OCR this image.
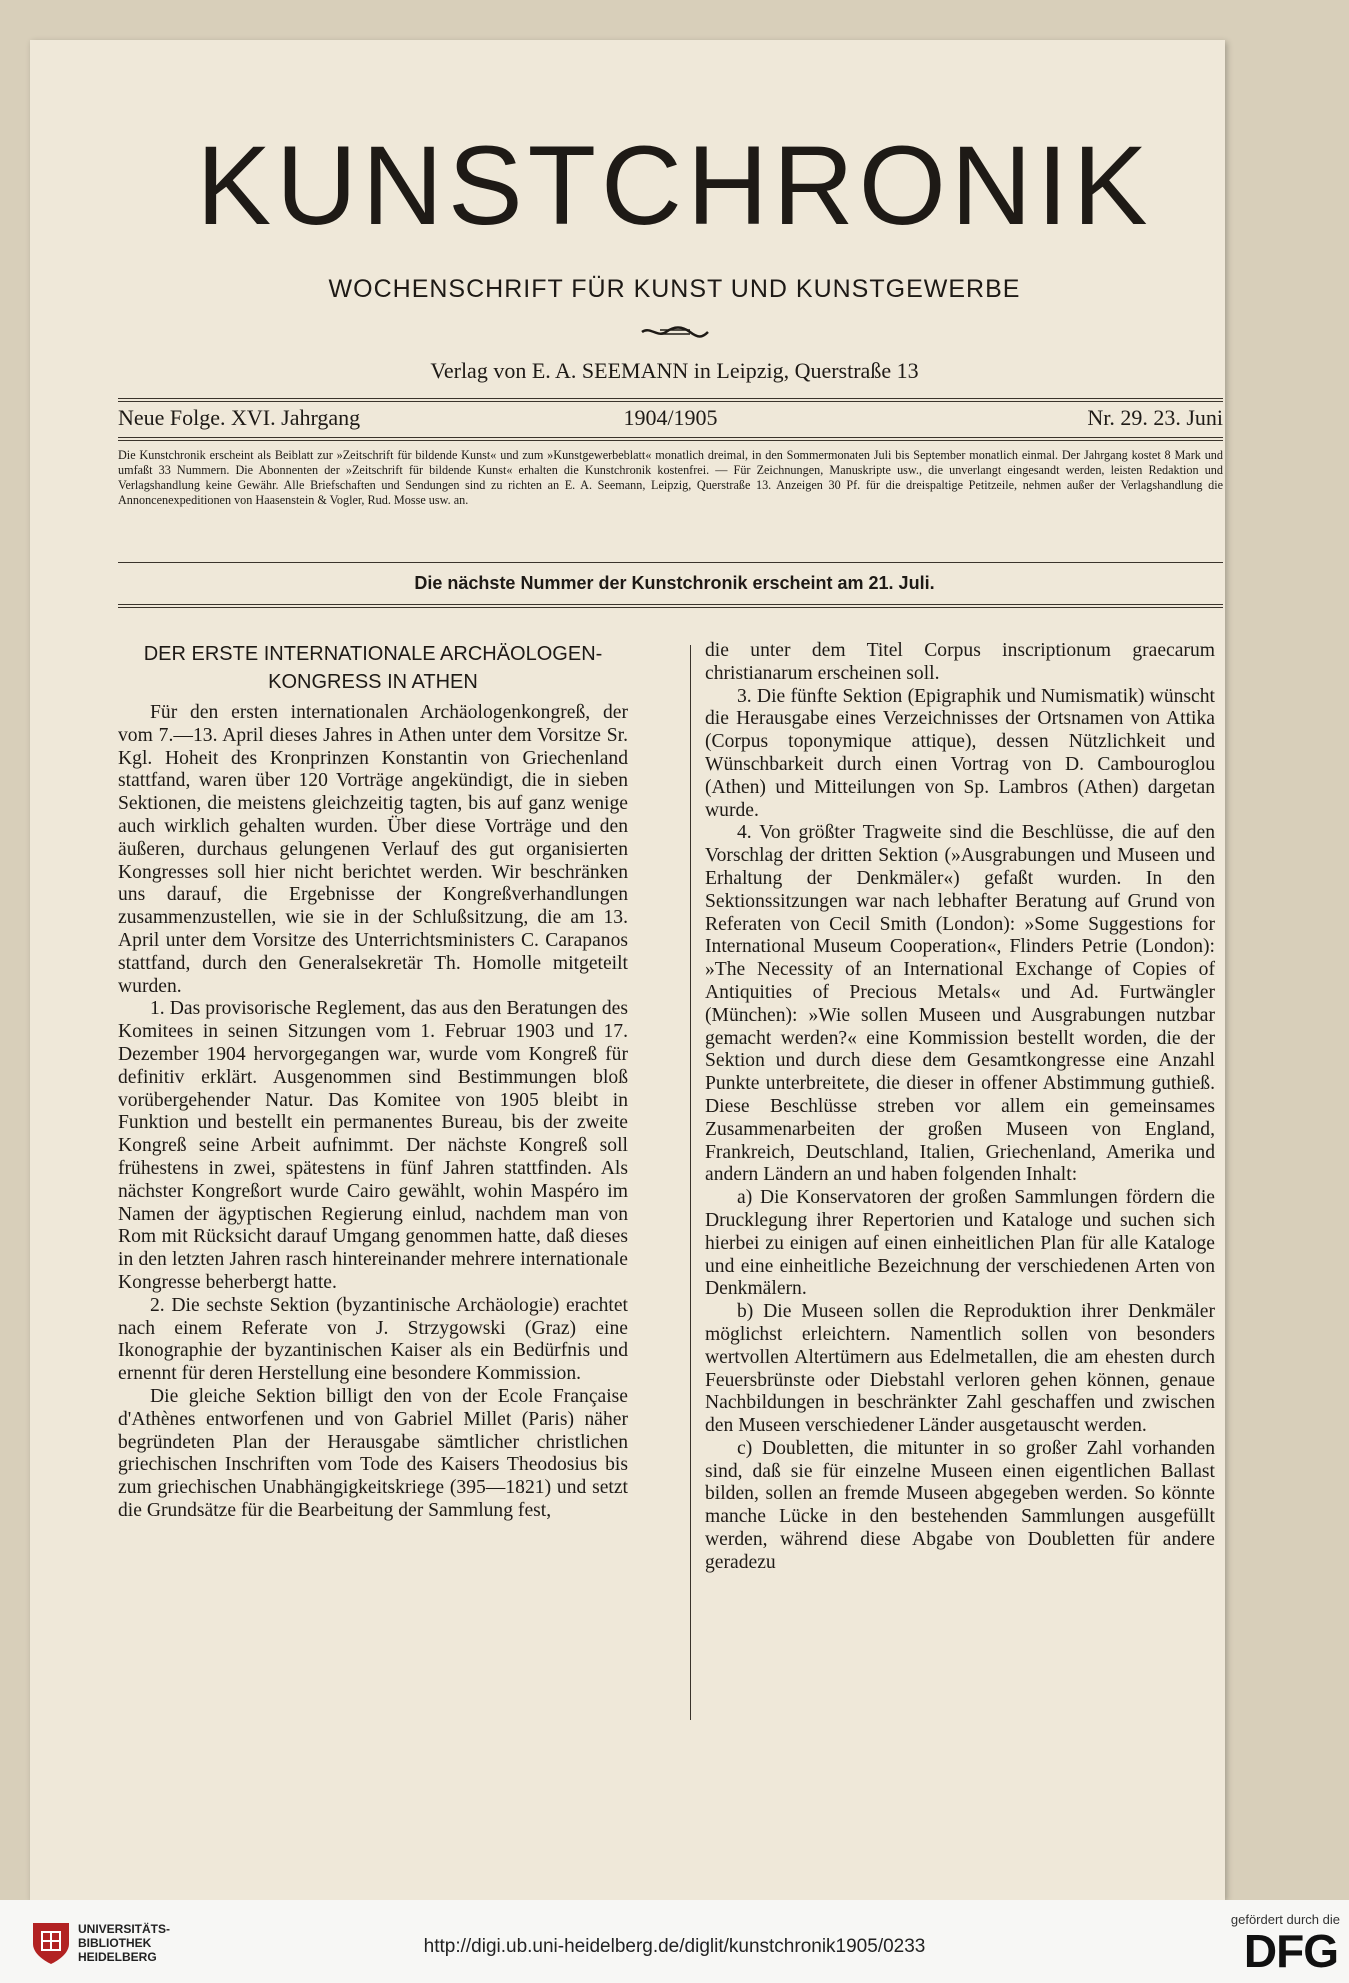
KUNSTCHRONIK
WOCHENSCHRIFT FÜR KUNST UND KUNSTGEWERBE
Verlag von E. A. SEEMANN in Leipzig, Querstraße 13
Neue Folge. XVI. Jahrgang	1904/1905	Nr. 29. 23. Juni
Die Kunstchronik erscheint als Beiblatt zur »Zeitschrift für bildende Kunst« und zum »Kunstgewerbeblatt« monatlich dreimal, in den Sommermonaten Juli bis September monatlich einmal. Der Jahrgang kostet 8 Mark und umfaßt 33 Nummern. Die Abonnenten der »Zeitschrift für bildende Kunst« erhalten die Kunstchronik kostenfrei. — Für Zeichnungen, Manuskripte usw., die unverlangt eingesandt werden, leisten Redaktion und Verlagshandlung keine Gewähr. Alle Briefschaften und Sendungen sind zu richten an E. A. Seemann, Leipzig, Querstraße 13. Anzeigen 30 Pf. für die dreispaltige Petitzeile, nehmen außer der Verlagshandlung die Annoncenexpeditionen von Haasenstein & Vogler, Rud. Mosse usw. an.
Die nächste Nummer der Kunstchronik erscheint am 21. Juli.
DER ERSTE INTERNATIONALE ARCHÄOLOGEN-
KONGRESS IN ATHEN

Für den ersten internationalen Archäologenkongreß, der vom 7.—13. April dieses Jahres in Athen unter dem Vorsitze Sr. Kgl. Hoheit des Kronprinzen Konstantin von Griechenland stattfand, waren über 120 Vorträge angekündigt, die in sieben Sektionen, die meistens gleichzeitig tagten, bis auf ganz wenige auch wirklich gehalten wurden. Über diese Vorträge und den äußeren, durchaus gelungenen Verlauf des gut organisierten Kongresses soll hier nicht berichtet werden. Wir beschränken uns darauf, die Ergebnisse der Kongreßverhandlungen zusammenzustellen, wie sie in der Schlußsitzung, die am 13. April unter dem Vorsitze des Unterrichtsministers C. Carapanos stattfand, durch den Generalsekretär Th. Homolle mitgeteilt wurden.

1. Das provisorische Reglement, das aus den Beratungen des Komitees in seinen Sitzungen vom 1. Februar 1903 und 17. Dezember 1904 hervorgegangen war, wurde vom Kongreß für definitiv erklärt. Ausgenommen sind Bestimmungen bloß vorübergehender Natur. Das Komitee von 1905 bleibt in Funktion und bestellt ein permanentes Bureau, bis der zweite Kongreß seine Arbeit aufnimmt. Der nächste Kongreß soll frühestens in zwei, spätestens in fünf Jahren stattfinden. Als nächster Kongreßort wurde Cairo gewählt, wohin Maspéro im Namen der ägyptischen Regierung einlud, nachdem man von Rom mit Rücksicht darauf Umgang genommen hatte, daß dieses in den letzten Jahren rasch hintereinander mehrere internationale Kongresse beherbergt hatte.

2. Die sechste Sektion (byzantinische Archäologie) erachtet nach einem Referate von J. Strzygowski (Graz) eine Ikonographie der byzantinischen Kaiser als ein Bedürfnis und ernennt für deren Herstellung eine besondere Kommission.

Die gleiche Sektion billigt den von der Ecole Française d'Athènes entworfenen und von Gabriel Millet (Paris) näher begründeten Plan der Herausgabe sämtlicher christlichen griechischen Inschriften vom Tode des Kaisers Theodosius bis zum griechischen Unabhängigkeitskriege (395—1821) und setzt die Grundsätze für die Bearbeitung der Sammlung fest,

die unter dem Titel Corpus inscriptionum graecarum christianarum erscheinen soll.

3. Die fünfte Sektion (Epigraphik und Numismatik) wünscht die Herausgabe eines Verzeichnisses der Ortsnamen von Attika (Corpus toponymique attique), dessen Nützlichkeit und Wünschbarkeit durch einen Vortrag von D. Cambouroglou (Athen) und Mitteilungen von Sp. Lambros (Athen) dargetan wurde.

4. Von größter Tragweite sind die Beschlüsse, die auf den Vorschlag der dritten Sektion (»Ausgrabungen und Museen und Erhaltung der Denkmäler«) gefaßt wurden. In den Sektionssitzungen war nach lebhafter Beratung auf Grund von Referaten von Cecil Smith (London): »Some Suggestions for International Museum Cooperation«, Flinders Petrie (London): »The Necessity of an International Exchange of Copies of Antiquities of Precious Metals« und Ad. Furtwängler (München): »Wie sollen Museen und Ausgrabungen nutzbar gemacht werden?« eine Kommission bestellt worden, die der Sektion und durch diese dem Gesamtkongresse eine Anzahl Punkte unterbreitete, die dieser in offener Abstimmung guthieß. Diese Beschlüsse streben vor allem ein gemeinsames Zusammenarbeiten der großen Museen von England, Frankreich, Deutschland, Italien, Griechenland, Amerika und andern Ländern an und haben folgenden Inhalt:

a) Die Konservatoren der großen Sammlungen fördern die Drucklegung ihrer Repertorien und Kataloge und suchen sich hierbei zu einigen auf einen einheitlichen Plan für alle Kataloge und eine einheitliche Bezeichnung der verschiedenen Arten von Denkmälern.

b) Die Museen sollen die Reproduktion ihrer Denkmäler möglichst erleichtern. Namentlich sollen von besonders wertvollen Altertümern aus Edelmetallen, die am ehesten durch Feuersbrünste oder Diebstahl verloren gehen können, genaue Nachbildungen in beschränkter Zahl geschaffen und zwischen den Museen verschiedener Länder ausgetauscht werden.

c) Doubletten, die mitunter in so großer Zahl vorhanden sind, daß sie für einzelne Museen einen eigentlichen Ballast bilden, sollen an fremde Museen abgegeben werden. So könnte manche Lücke in den bestehenden Sammlungen ausgefüllt werden, während diese Abgabe von Doubletten für andere geradezu

UNIVERSITÄTS-
BIBLIOTHEK
HEIDELBERG	http://digi.ub.uni-heidelberg.de/diglit/kunstchronik1905/0233
gefördert durch die
DFG
